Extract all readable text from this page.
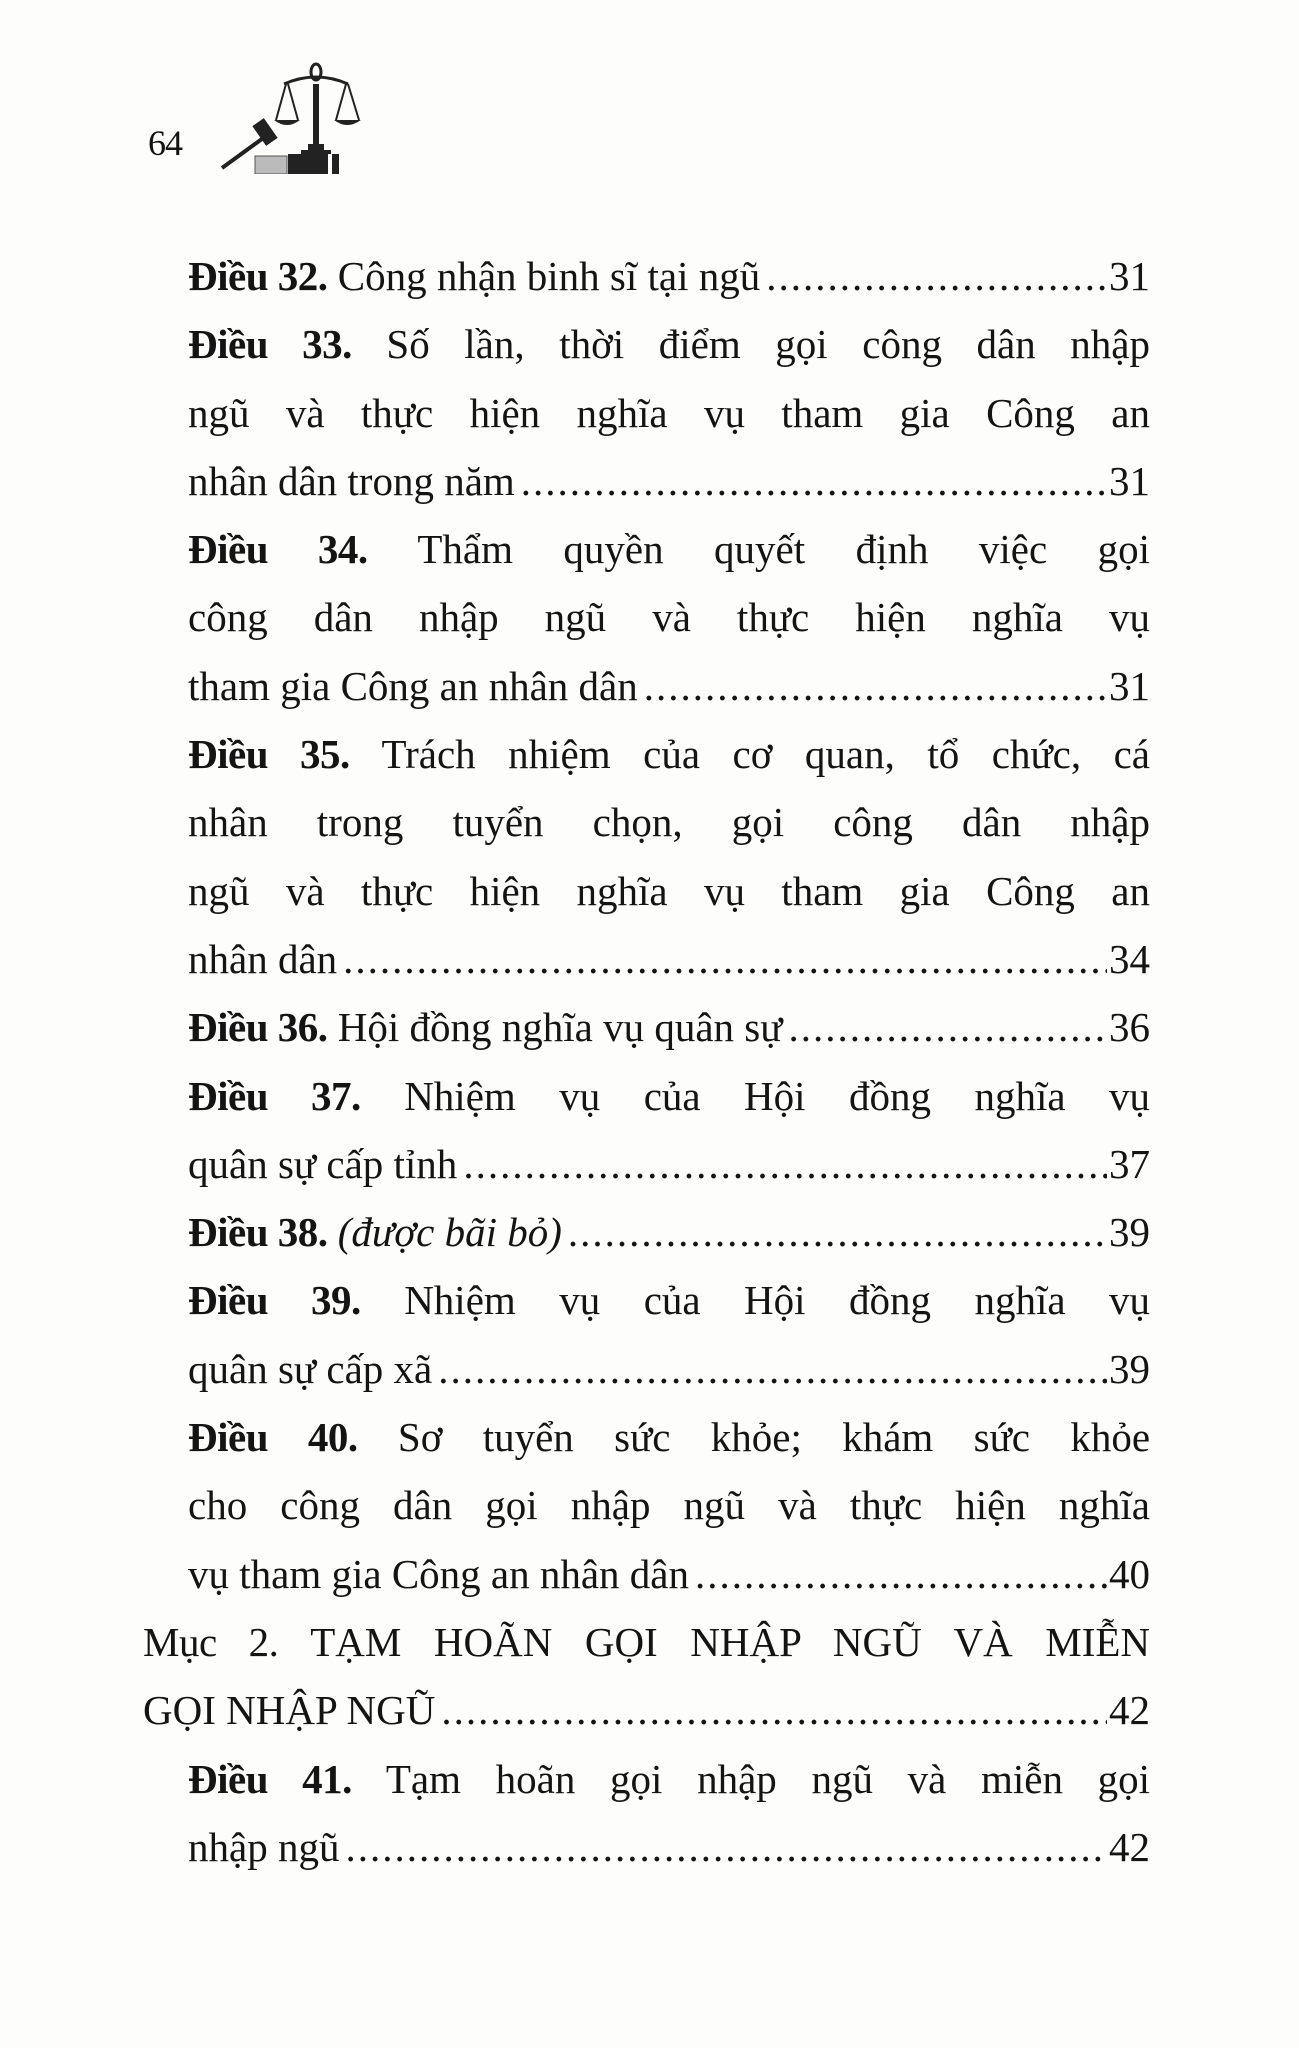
64
Điều 32. Công nhận binh sĩ tại ngũ .....	31
Điều 33. Số lần, thời điểm gọi công dân nhập
ngũ và thực hiện nghĩa vụ tham gia Công an
nhân dân trong năm .....	31
Điều 34. Thẩm quyền quyết định việc gọi
công dân nhập ngũ và thực hiện nghĩa vụ
tham gia Công an nhân dân .....	31
Điều 35. Trách nhiệm của cơ quan, tổ chức, cá
nhân trong tuyển chọn, gọi công dân nhập
ngũ và thực hiện nghĩa vụ tham gia Công an
nhân dân .....	34
Điều 36. Hội đồng nghĩa vụ quân sự .....	36
Điều 37. Nhiệm vụ của Hội đồng nghĩa vụ
quân sự cấp tỉnh .....	37
Điều 38. (được bãi bỏ) .....	39
Điều 39. Nhiệm vụ của Hội đồng nghĩa vụ
quân sự cấp xã .....	39
Điều 40. Sơ tuyển sức khỏe; khám sức khỏe
cho công dân gọi nhập ngũ và thực hiện nghĩa
vụ tham gia Công an nhân dân .....	40
Mục 2. TẠM HOÃN GỌI NHẬP NGŨ VÀ MIỄN
GỌI NHẬP NGŨ .....	42
Điều 41. Tạm hoãn gọi nhập ngũ và miễn gọi
nhập ngũ .....	42
